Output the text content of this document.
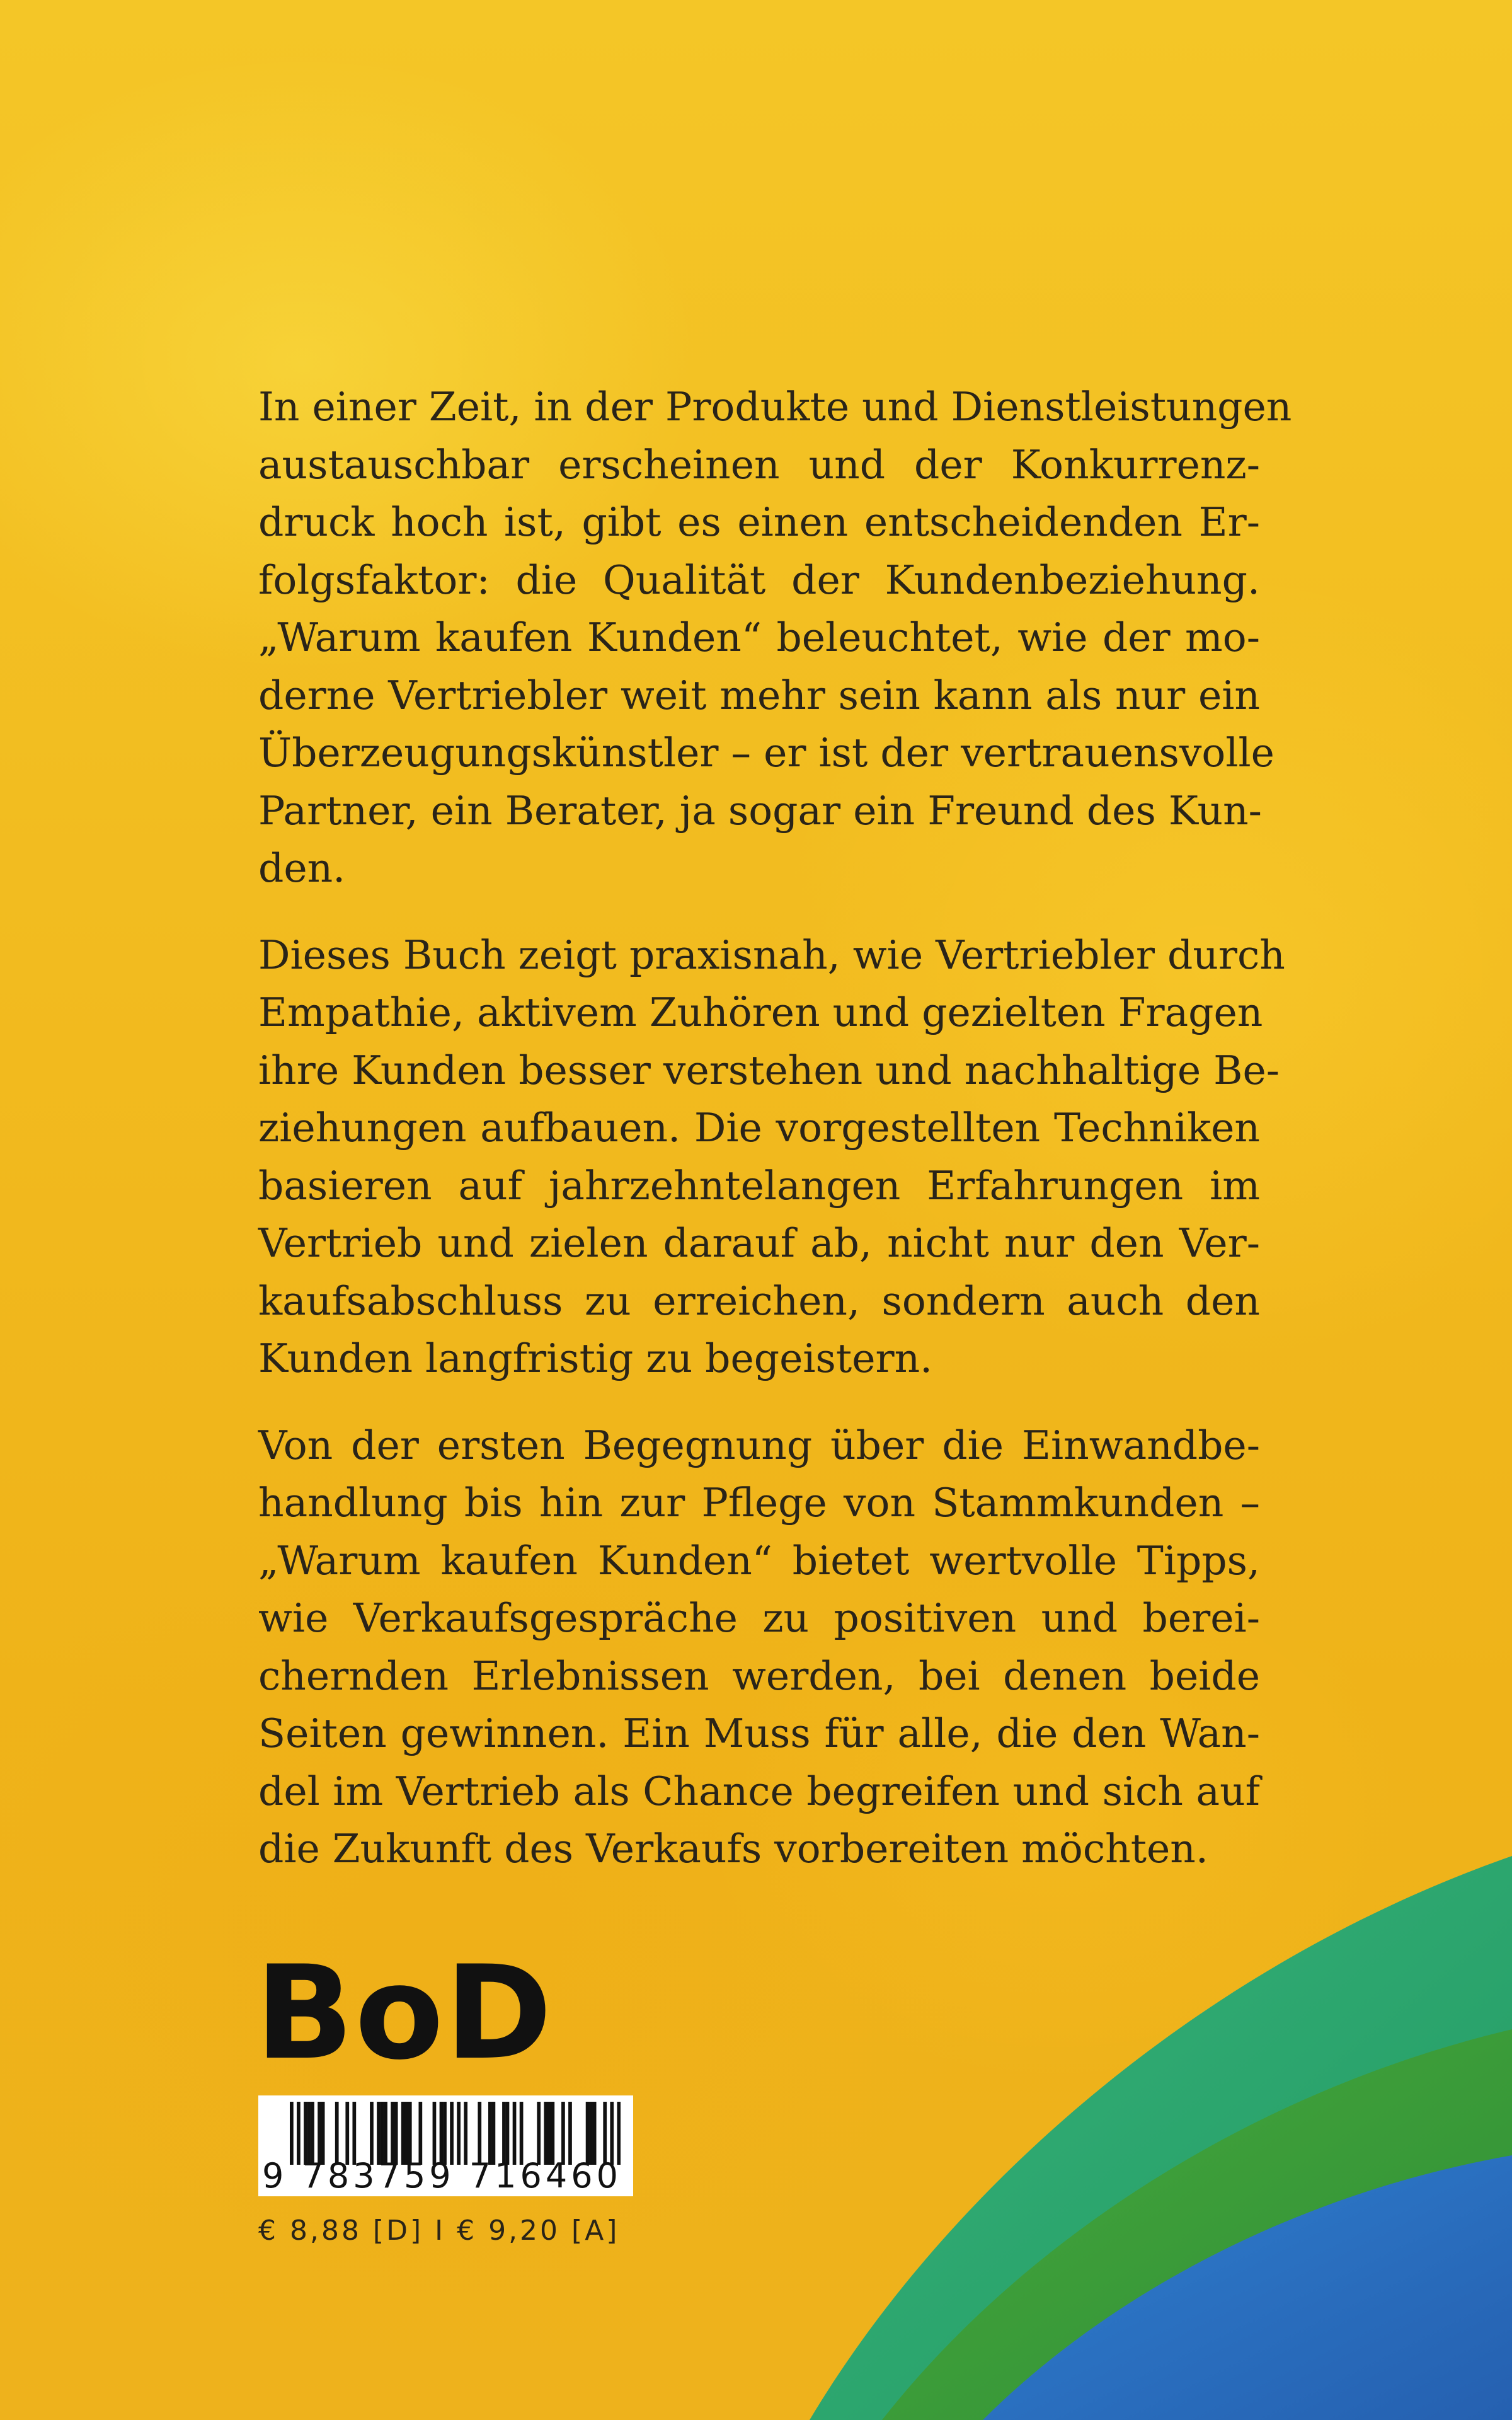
In einer Zeit, in der Produkte und Dienstleistungen
austauschbar erscheinen und der Konkurrenz-
druck hoch ist, gibt es einen entscheidenden Er-
folgsfaktor: die Qualität der Kundenbeziehung.
„Warum kaufen Kunden“ beleuchtet, wie der mo-
derne Vertriebler weit mehr sein kann als nur ein
Überzeugungskünstler – er ist der vertrauensvolle
Partner, ein Berater, ja sogar ein Freund des Kun-
den.
Dieses Buch zeigt praxisnah, wie Vertriebler durch
Empathie, aktivem Zuhören und gezielten Fragen
ihre Kunden besser verstehen und nachhaltige Be-
ziehungen aufbauen. Die vorgestellten Techniken
basieren auf jahrzehntelangen Erfahrungen im
Vertrieb und zielen darauf ab, nicht nur den Ver-
kaufsabschluss zu erreichen, sondern auch den
Kunden langfristig zu begeistern.
Von der ersten Begegnung über die Einwandbe-
handlung bis hin zur Pflege von Stammkunden –
„Warum kaufen Kunden“ bietet wertvolle Tipps,
wie Verkaufsgespräche zu positiven und berei-
chernden Erlebnissen werden, bei denen beide
Seiten gewinnen. Ein Muss für alle, die den Wan-
del im Vertrieb als Chance begreifen und sich auf
die Zukunft des Verkaufs vorbereiten möchten.
BoD
9 783759 716460
€ 8,88 [D] I € 9,20 [A]
